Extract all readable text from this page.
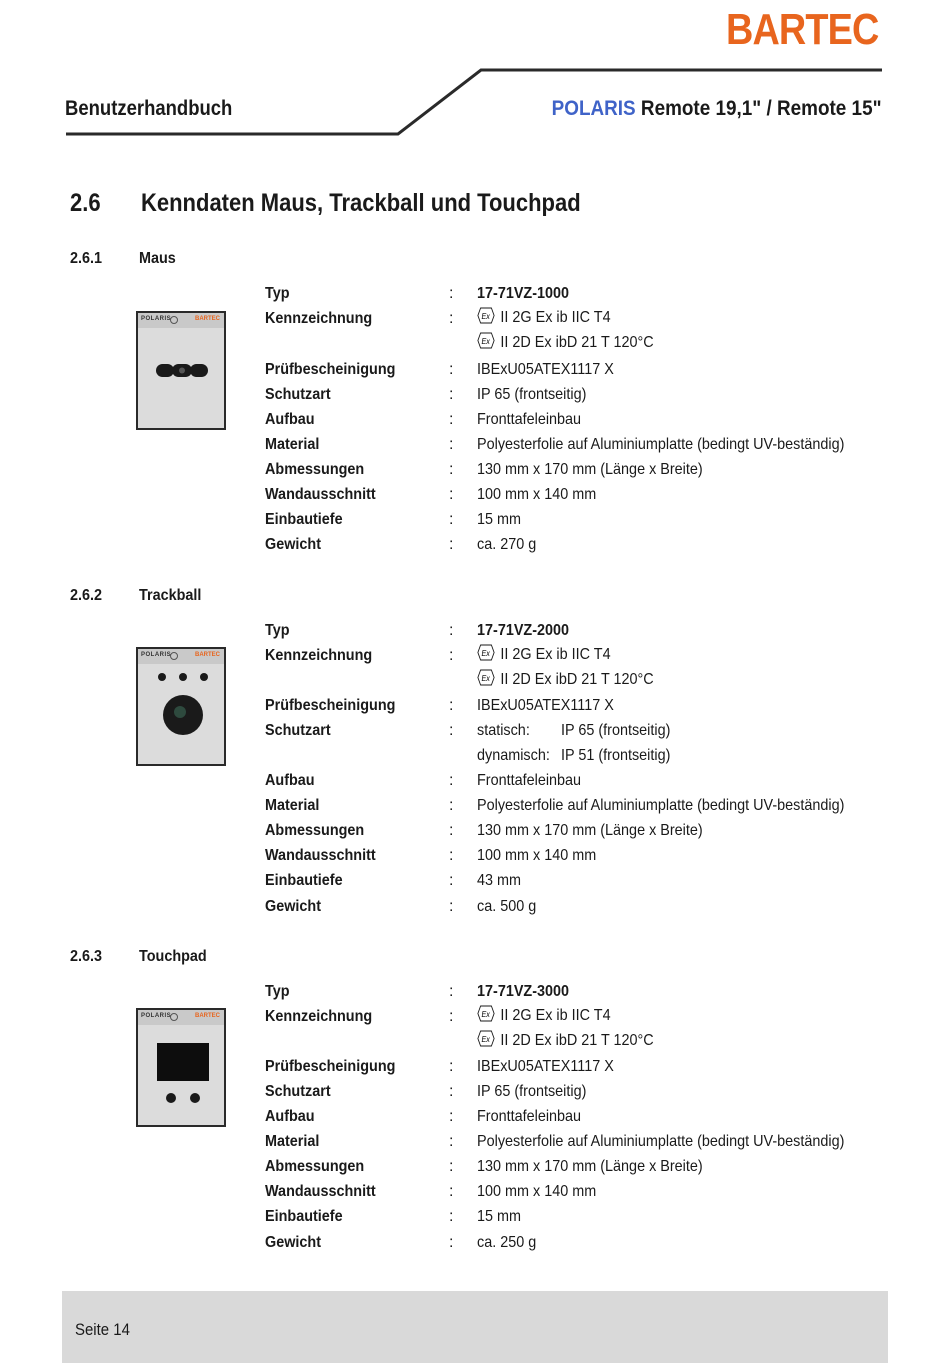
BARTEC
Benutzerhandbuch	POLARIS Remote 19,1" / Remote 15"
2.6 Kenndaten Maus, Trackball und Touchpad
2.6.1 Maus
POLARIS	BARTEC
Typ	: 17-71VZ-1000
Kennzeichnung	:	Ex II 2G Ex ib IIC T4
Ex II 2D Ex ibD 21 T 120°C
Prüfbescheinigung	: IBExU05ATEX1117 X
Schutzart	: IP 65 (frontseitig)
Aufbau	: Fronttafeleinbau
Material	: Polyesterfolie auf Aluminiumplatte (bedingt UV-beständig)
Abmessungen	: 130 mm x 170 mm (Länge x Breite)
Wandausschnitt	: 100 mm x 140 mm
Einbautiefe	: 15 mm
Gewicht	: ca. 270 g
2.6.2 Trackball
POLARIS	BARTEC
Typ	: 17-71VZ-2000
Kennzeichnung	:	Ex II 2G Ex ib IIC T4
Ex II 2D Ex ibD 21 T 120°C
Prüfbescheinigung	: IBExU05ATEX1117 X
Schutzart	: statisch: IP 65 (frontseitig)
dynamisch: IP 51 (frontseitig)
Aufbau	: Fronttafeleinbau
Material	: Polyesterfolie auf Aluminiumplatte (bedingt UV-beständig)
Abmessungen	: 130 mm x 170 mm (Länge x Breite)
Wandausschnitt	: 100 mm x 140 mm
Einbautiefe	: 43 mm
Gewicht	: ca. 500 g
2.6.3 Touchpad
POLARIS	BARTEC
Typ	: 17-71VZ-3000
Kennzeichnung	:	Ex II 2G Ex ib IIC T4
Ex II 2D Ex ibD 21 T 120°C
Prüfbescheinigung	: IBExU05ATEX1117 X
Schutzart	: IP 65 (frontseitig)
Aufbau	: Fronttafeleinbau
Material	: Polyesterfolie auf Aluminiumplatte (bedingt UV-beständig)
Abmessungen	: 130 mm x 170 mm (Länge x Breite)
Wandausschnitt	: 100 mm x 140 mm
Einbautiefe	: 15 mm
Gewicht	: ca. 250 g
Seite 14
